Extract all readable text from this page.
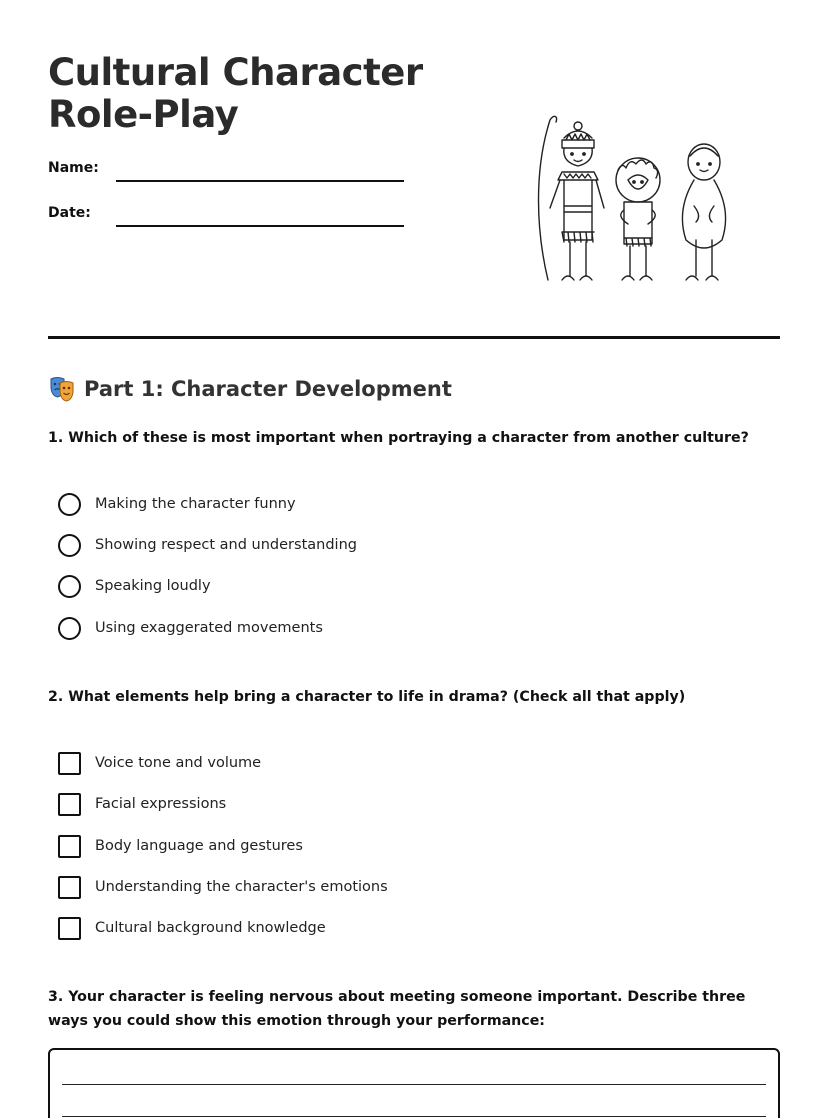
Cultural Character Role-Play
Name:
Date:
Part 1: Character Development
1. Which of these is most important when portraying a character from another culture?
Making the character funny
Showing respect and understanding
Speaking loudly
Using exaggerated movements
2. What elements help bring a character to life in drama? (Check all that apply)
Voice tone and volume
Facial expressions
Body language and gestures
Understanding the character's emotions
Cultural background knowledge
3. Your character is feeling nervous about meeting someone important. Describe three ways you could show this emotion through your performance:
